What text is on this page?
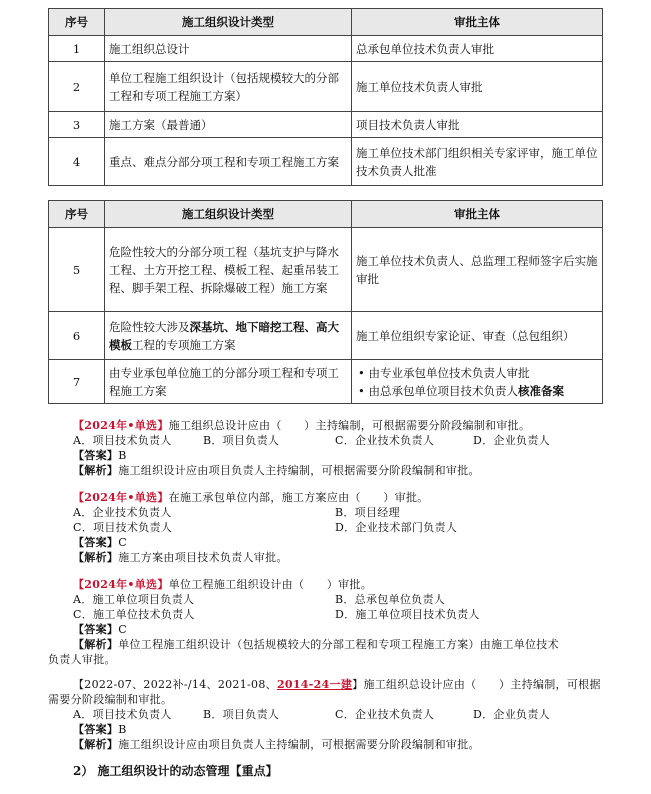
序号	施工组织设计类型	审批主体
1	施工组织总设计	总承包单位技术负责人审批
2	单位工程施工组织设计（包括规模较大的分部工程和专项工程施工方案）	施工单位技术负责人审批
3	施工方案（最普通）	项目技术负责人审批
4	重点、难点分部分项工程和专项工程施工方案	施工单位技术部门组织相关专家评审，施工单位技术负责人批准
序号	施工组织设计类型	审批主体
5	危险性较大的分部分项工程（基坑支护与降水工程、土方开挖工程、模板工程、起重吊装工程、脚手架工程、拆除爆破工程）施工方案	施工单位技术负责人、总监理工程师签字后实施审批
6	危险性较大涉及深基坑、地下暗挖工程、高大模板工程的专项施工方案	施工单位组织专家论证、审查（总包组织）
7	由专业承包单位施工的分部分项工程和专项工程施工方案	• 由专业承包单位技术负责人审批
• 由总承包单位项目技术负责人核准备案
【2024年•单选】施工组织总设计应由（　　）主持编制，可根据需要分阶段编制和审批。
A．项目技术负责人	B．项目负责人	C．企业技术负责人	D．企业负责人
【答案】B
【解析】施工组织设计应由项目负责人主持编制，可根据需要分阶段编制和审批。
【2024年•单选】在施工承包单位内部，施工方案应由（　　）审批。
A．企业技术负责人	B．项目经理
C．项目技术负责人	D．企业技术部门负责人
【答案】C
【解析】施工方案由项目技术负责人审批。
【2024年•单选】单位工程施工组织设计由（　　）审批。
A．施工单位项目负责人	B．总承包单位负责人
C．施工单位技术负责人	D．施工单位项目技术负责人
【答案】C
【解析】单位工程施工组织设计（包括规模较大的分部工程和专项工程施工方案）由施工单位技术
负责人审批。
【2022-07、2022补-/14、2021-08、2014-24一建】施工组织总设计应由（　　）主持编制，可根据
需要分阶段编制和审批。
A．项目技术负责人	B．项目负责人	C．企业技术负责人	D．企业负责人
【答案】B
【解析】施工组织设计应由项目负责人主持编制，可根据需要分阶段编制和审批。
2） 施工组织设计的动态管理【重点】
